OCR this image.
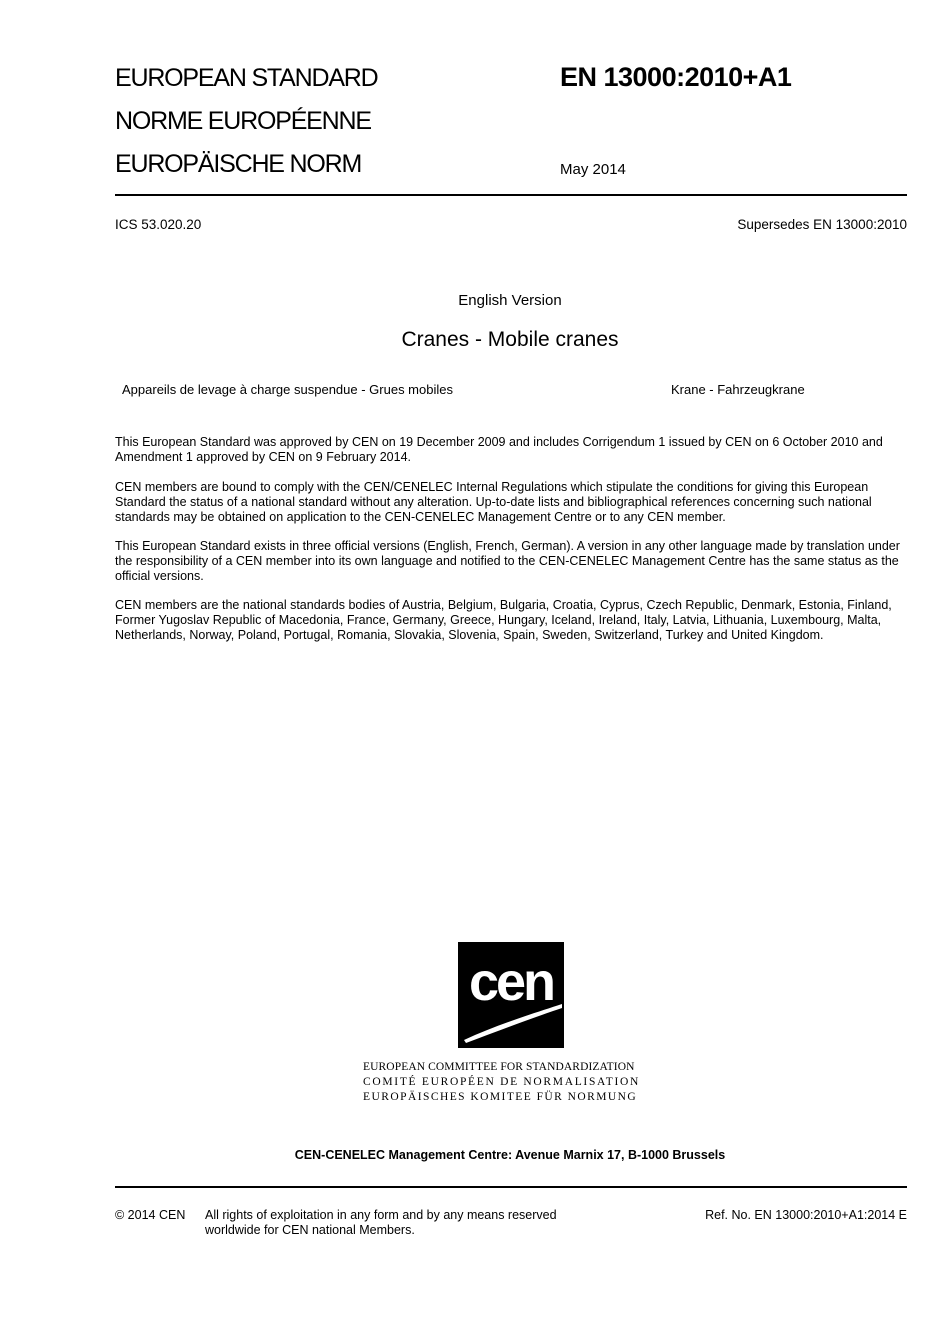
EUROPEAN STANDARD
NORME EUROPÉENNE
EUROPÄISCHE NORM
EN 13000:2010+A1
May 2014
ICS 53.020.20	Supersedes EN 13000:2010
English Version
Cranes - Mobile cranes
Appareils de levage à charge suspendue - Grues mobiles	Krane - Fahrzeugkrane
This European Standard was approved by CEN on 19 December 2009 and includes Corrigendum 1 issued by CEN on 6 October 2010 and Amendment 1 approved by CEN on 9 February 2014.
CEN members are bound to comply with the CEN/CENELEC Internal Regulations which stipulate the conditions for giving this European Standard the status of a national standard without any alteration. Up-to-date lists and bibliographical references concerning such national standards may be obtained on application to the CEN-CENELEC Management Centre or to any CEN member.
This European Standard exists in three official versions (English, French, German). A version in any other language made by translation under the responsibility of a CEN member into its own language and notified to the CEN-CENELEC Management Centre has the same status as the official versions.
CEN members are the national standards bodies of Austria, Belgium, Bulgaria, Croatia, Cyprus, Czech Republic, Denmark, Estonia, Finland, Former Yugoslav Republic of Macedonia, France, Germany, Greece, Hungary, Iceland, Ireland, Italy, Latvia, Lithuania, Luxembourg, Malta, Netherlands, Norway, Poland, Portugal, Romania, Slovakia, Slovenia, Spain, Sweden, Switzerland, Turkey and United Kingdom.
cen
EUROPEAN COMMITTEE FOR STANDARDIZATION
COMITÉ EUROPÉEN DE NORMALISATION
EUROPÄISCHES KOMITEE FÜR NORMUNG
CEN-CENELEC Management Centre: Avenue Marnix 17, B-1000 Brussels
© 2014 CEN All rights of exploitation in any form and by any means reserved worldwide for CEN national Members.
Ref. No. EN 13000:2010+A1:2014 E
